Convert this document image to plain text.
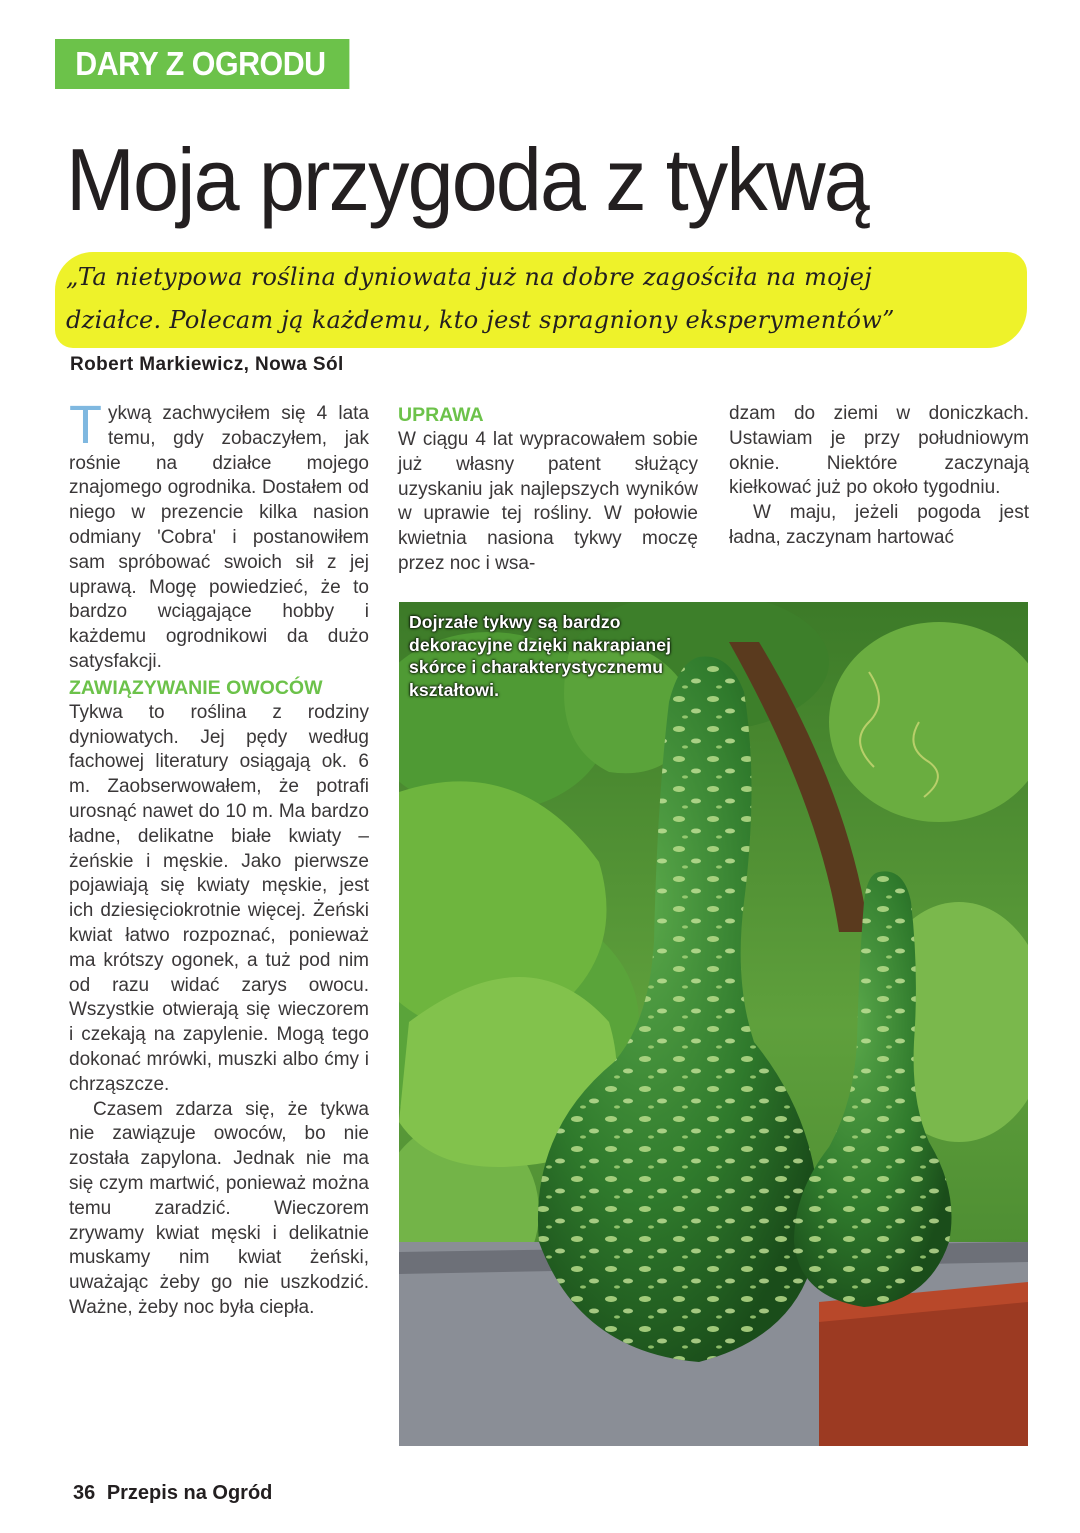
DARY Z OGRODU
Moja przygoda z tykwą

„Ta nietypowa roślina dyniowata już na dobre zagościła na mojej
działce. Polecam ją każdemu, kto jest spragniony eksperymentów”

Robert Markiewicz, Nowa Sól

Tykwą zachwyciłem się 4 lata temu, gdy zobaczyłem, jak rośnie na działce mojego znajomego ogrodnika. Dostałem od niego w prezencie kilka nasion odmiany 'Cobra' i postanowiłem sam spróbować swoich sił z jej uprawą. Mogę powiedzieć, że to bardzo wciągające hobby i każdemu ogrodnikowi da dużo satysfakcji.

ZAWIĄZYWANIE OWOCÓW

Tykwa to roślina z rodziny dyniowatych. Jej pędy według fachowej literatury osiągają ok. 6 m. Zaobserwowałem, że potrafi urosnąć nawet do 10 m. Ma bardzo ładne, delikatne białe kwiaty – żeńskie i męskie. Jako pierwsze pojawiają się kwiaty męskie, jest ich dziesięciokrotnie więcej. Żeński kwiat łatwo rozpoznać, ponieważ ma krótszy ogonek, a tuż pod nim od razu widać zarys owocu. Wszystkie otwierają się wieczorem i czekają na zapylenie. Mogą tego dokonać mrówki, muszki albo ćmy i chrząszcze.

Czasem zdarza się, że tykwa nie zawiązuje owoców, bo nie została zapylona. Jednak nie ma się czym martwić, ponieważ można temu zaradzić. Wieczorem zrywamy kwiat męski i delikatnie muskamy nim kwiat żeński, uważając żeby go nie uszkodzić. Ważne, żeby noc była ciepła.

UPRAWA

W ciągu 4 lat wypracowałem sobie już własny patent służący uzyskaniu jak najlepszych wyników w uprawie tej rośliny. W połowie kwietnia nasiona tykwy moczę przez noc i wsa-

dzam do ziemi w doniczkach. Ustawiam je przy południowym oknie. Niektóre zaczynają kiełkować już po około tygodniu.

W maju, jeżeli pogoda jest ładna, zaczynam hartować

Dojrzałe tykwy są bardzo dekoracyjne dzięki nakrapianej skórce i charakterystycznemu kształtowi.
36 Przepis na Ogród
